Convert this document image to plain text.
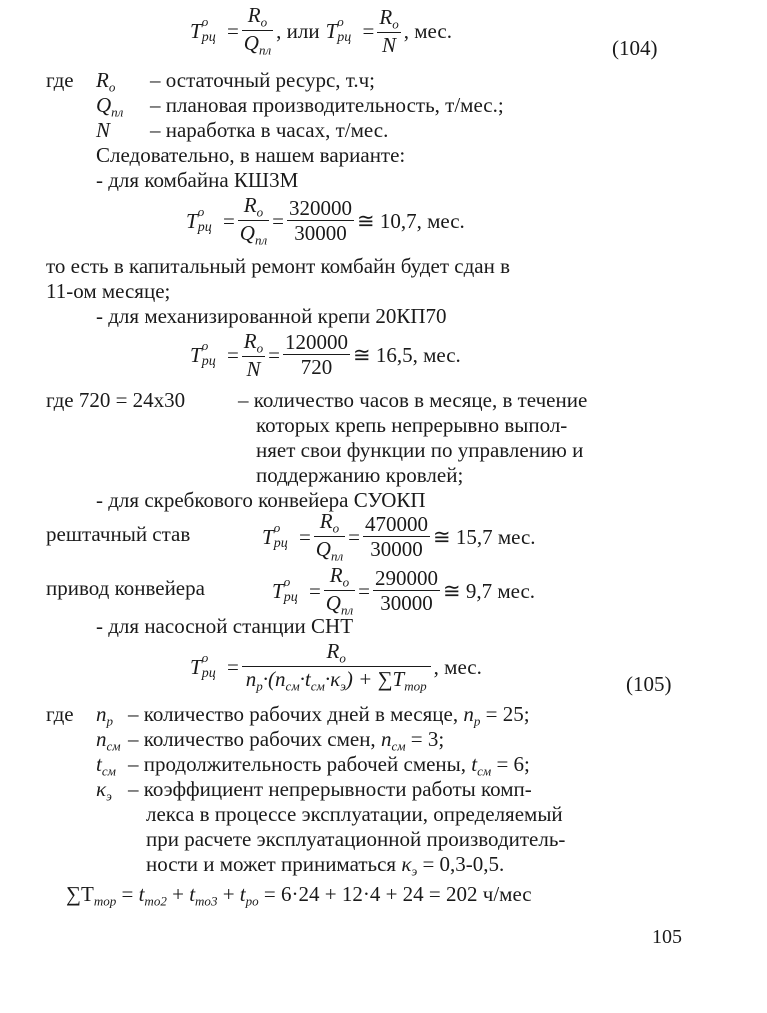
T o
рц = $\frac{R_o}{Q_{пл}}$ , или T o
рц = $\frac{R_o}{N}$ , мес.
(104)
где $R_o$ – остаточный ресурс, т.ч;
$Q_{пл}$ – плановая производительность, т/мес.;
N – наработка в часах, т/мес.
Следовательно, в нашем варианте:
- для комбайна КШ3М
T o
рц = $\frac{R_o}{Q_{пл}} = \frac{320000}{30000}$ ≅ 10,7, мес.
то есть в капитальный ремонт комбайн будет сдан в
11-ом месяце;
- для механизированной крепи 20КП70
T o
рц = $\frac{R_o}{N} = \frac{120000}{720}$ ≅ 16,5, мес.
где 720 = 24х30	– количество часов в месяце, в течение
которых крепь непрерывно выпол-
няет свои функции по управлению и
поддержанию кровлей;
- для скребкового конвейера СУОКП
рештачный став	T o
рц = $\frac{R_o}{Q_{пл}} = \frac{470000}{30000}$ ≅ 15,7 мес.
привод конвейера	T o
рц = $\frac{R_o}{Q_{пл}} = \frac{290000}{30000}$ ≅ 9,7 мес.
- для насосной станции СНТ
T o
рц = $\frac{R_o}{n_р\cdot(n_{см}\cdot t_{см}\cdot\kappa_э) + \sum T_{тор}}$ , мес.
(105)
где $n_р$ – количество рабочих дней в месяце, $n_р = 25$;
$n_{см}$ – количество рабочих смен, $n_{см} = 3$;
$t_{см}$ – продолжительность рабочей смены, $t_{см} = 6$;
$\kappa_э$ – коэффициент непрерывности работы комп-
лекса в процессе эксплуатации, определяемый
при расчете эксплуатационной производитель-
ности и может приниматься $\kappa_э = 0,3-0,5$.
$\sum Т_{тор} = t_{то2} + t_{то3} + t_{ро} = 6\cdot 24 + 12\cdot 4 + 24 = 202$ ч/мес
105
